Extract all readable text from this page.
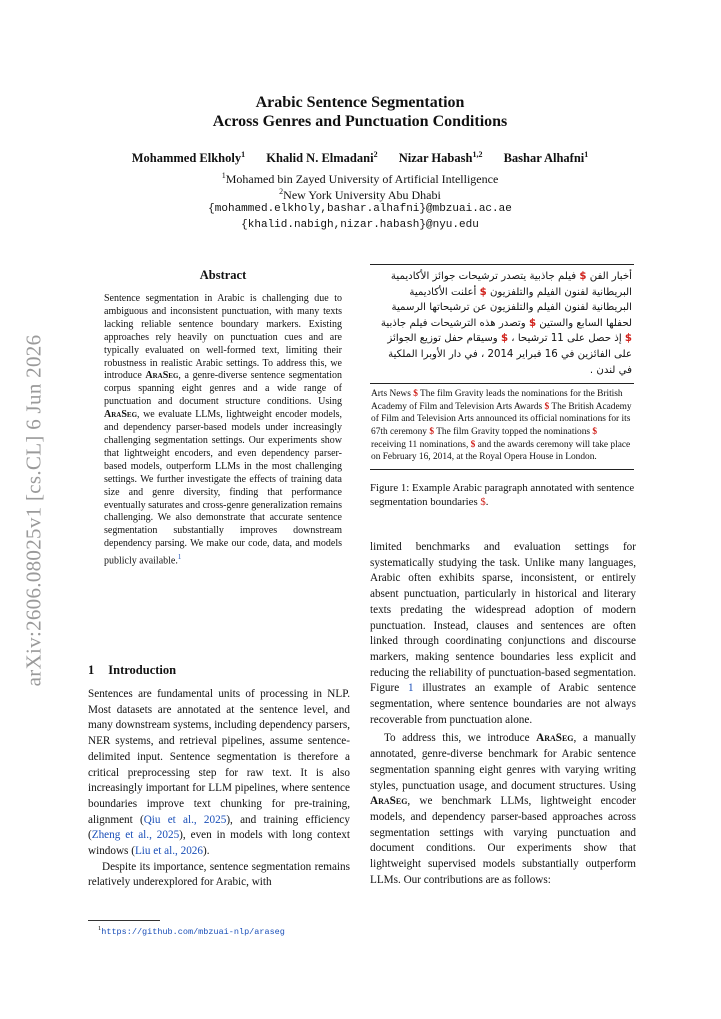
arXiv:2606.08025v1 [cs.CL] 6 Jun 2026
Arabic Sentence Segmentation
Across Genres and Punctuation Conditions
Mohammed Elkholy$^1$ Khalid N. Elmadani$^2$ Nizar Habash$^{1,2}$ Bashar Alhafni$^1$
$^1$Mohamed bin Zayed University of Artificial Intelligence
$^2$New York University Abu Dhabi
{mohammed.elkholy,bashar.alhafni}@mbzuai.ac.ae
{khalid.nabigh,nizar.habash}@nyu.edu
Abstract
Sentence segmentation in Arabic is challenging due to ambiguous and inconsistent punctuation, with many texts lacking reliable sentence boundary markers. Existing approaches rely heavily on punctuation cues and are typically evaluated on well-formed text, limiting their robustness in realistic Arabic settings. To address this, we introduce AraSeg, a genre-diverse sentence segmentation corpus spanning eight genres and a wide range of punctuation and document structure conditions. Using AraSeg, we evaluate LLMs, lightweight encoder models, and dependency parser-based models under increasingly challenging segmentation settings. Our experiments show that lightweight encoders, and even dependency parser-based models, outperform LLMs in the most challenging settings. We further investigate the effects of training data size and genre diversity, finding that performance eventually saturates and cross-genre generalization remains challenging. We also demonstrate that accurate sentence segmentation substantially improves downstream dependency parsing. We make our code, data, and models publicly available.$^1$
أخبار الفن $ فيلم جاذبية يتصدر ترشيحات جوائز الأكاديمية البريطانية لفنون الفيلم والتلفزيون $ أعلنت الأكاديمية البريطانية لفنون الفيلم والتلفزيون عن ترشيحاتها الرسمية لحفلها السابع والستين $ وتصدر هذه الترشيحات فيلم جاذبية $ إذ حصل على 11 ترشيحا ، $ وسيقام حفل توزيع الجوائز على الفائزين في 16 فبراير 2014 ، في دار الأوبرا الملكية في لندن .
Arts News $ The film Gravity leads the nominations for the British Academy of Film and Television Arts Awards $ The British Academy of Film and Television Arts announced its official nominations for its 67th ceremony $ The film Gravity topped the nominations $ receiving 11 nominations, $ and the awards ceremony will take place on February 16, 2014, at the Royal Opera House in London.
Figure 1: Example Arabic paragraph annotated with sentence segmentation boundaries $.
1 Introduction

Sentences are fundamental units of processing in NLP. Most datasets are annotated at the sentence level, and many downstream systems, including dependency parsers, NER systems, and retrieval pipelines, assume sentence-delimited input. Sentence segmentation is therefore a critical preprocessing step for raw text. It is also increasingly important for LLM pipelines, where sentence boundaries improve text chunking for pre-training, alignment (Qiu et al., 2025), and training efficiency (Zheng et al., 2025), even in models with long context windows (Liu et al., 2026).

Despite its importance, sentence segmentation remains relatively underexplored for Arabic, with

limited benchmarks and evaluation settings for systematically studying the task. Unlike many languages, Arabic often exhibits sparse, inconsistent, or entirely absent punctuation, particularly in historical and literary texts predating the widespread adoption of modern punctuation. Instead, clauses and sentences are often linked through coordinating conjunctions and discourse markers, making sentence boundaries less explicit and reducing the reliability of punctuation-based segmentation. Figure 1 illustrates an example of Arabic sentence segmentation, where sentence boundaries are not always recoverable from punctuation alone.

To address this, we introduce AraSeg, a manually annotated, genre-diverse benchmark for Arabic sentence segmentation spanning eight genres with varying writing styles, punctuation usage, and document structures. Using AraSeg, we benchmark LLMs, lightweight encoder models, and dependency parser-based approaches across segmentation settings with varying punctuation and document conditions. Our experiments show that lightweight supervised models substantially outperform LLMs. Our contributions are as follows:

$^1$https://github.com/mbzuai-nlp/araseg
